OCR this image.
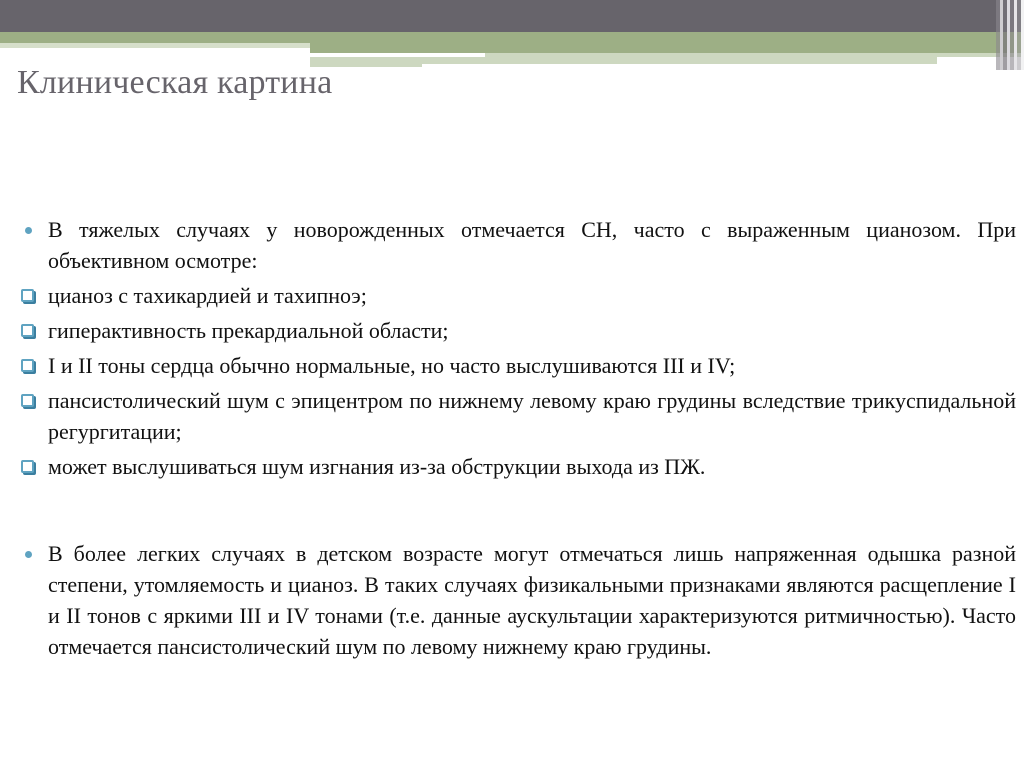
Клиническая картина
В тяжелых случаях у новорожденных отмечается СН, часто с выраженным цианозом. При объективном осмотре:
цианоз с тахикардией и тахипноэ;
гиперактивность прекардиальной области;
I и II тоны сердца обычно нормальные, но часто выслушиваются III и IV;
пансистолический шум с эпицентром по нижнему левому краю грудины вследствие трикуспидальной регургитации;
может выслушиваться шум изгнания из-за обструкции выхода из ПЖ.
В более легких случаях в детском возрасте могут отмечаться лишь напряженная одышка разной степени, утомляемость и цианоз. В таких случаях физикальными признаками являются расщепление I и II тонов с яркими III и IV тонами (т.е. данные аускультации характеризуются ритмичностью). Часто отмечается пансистолический шум по левому нижнему краю грудины.
